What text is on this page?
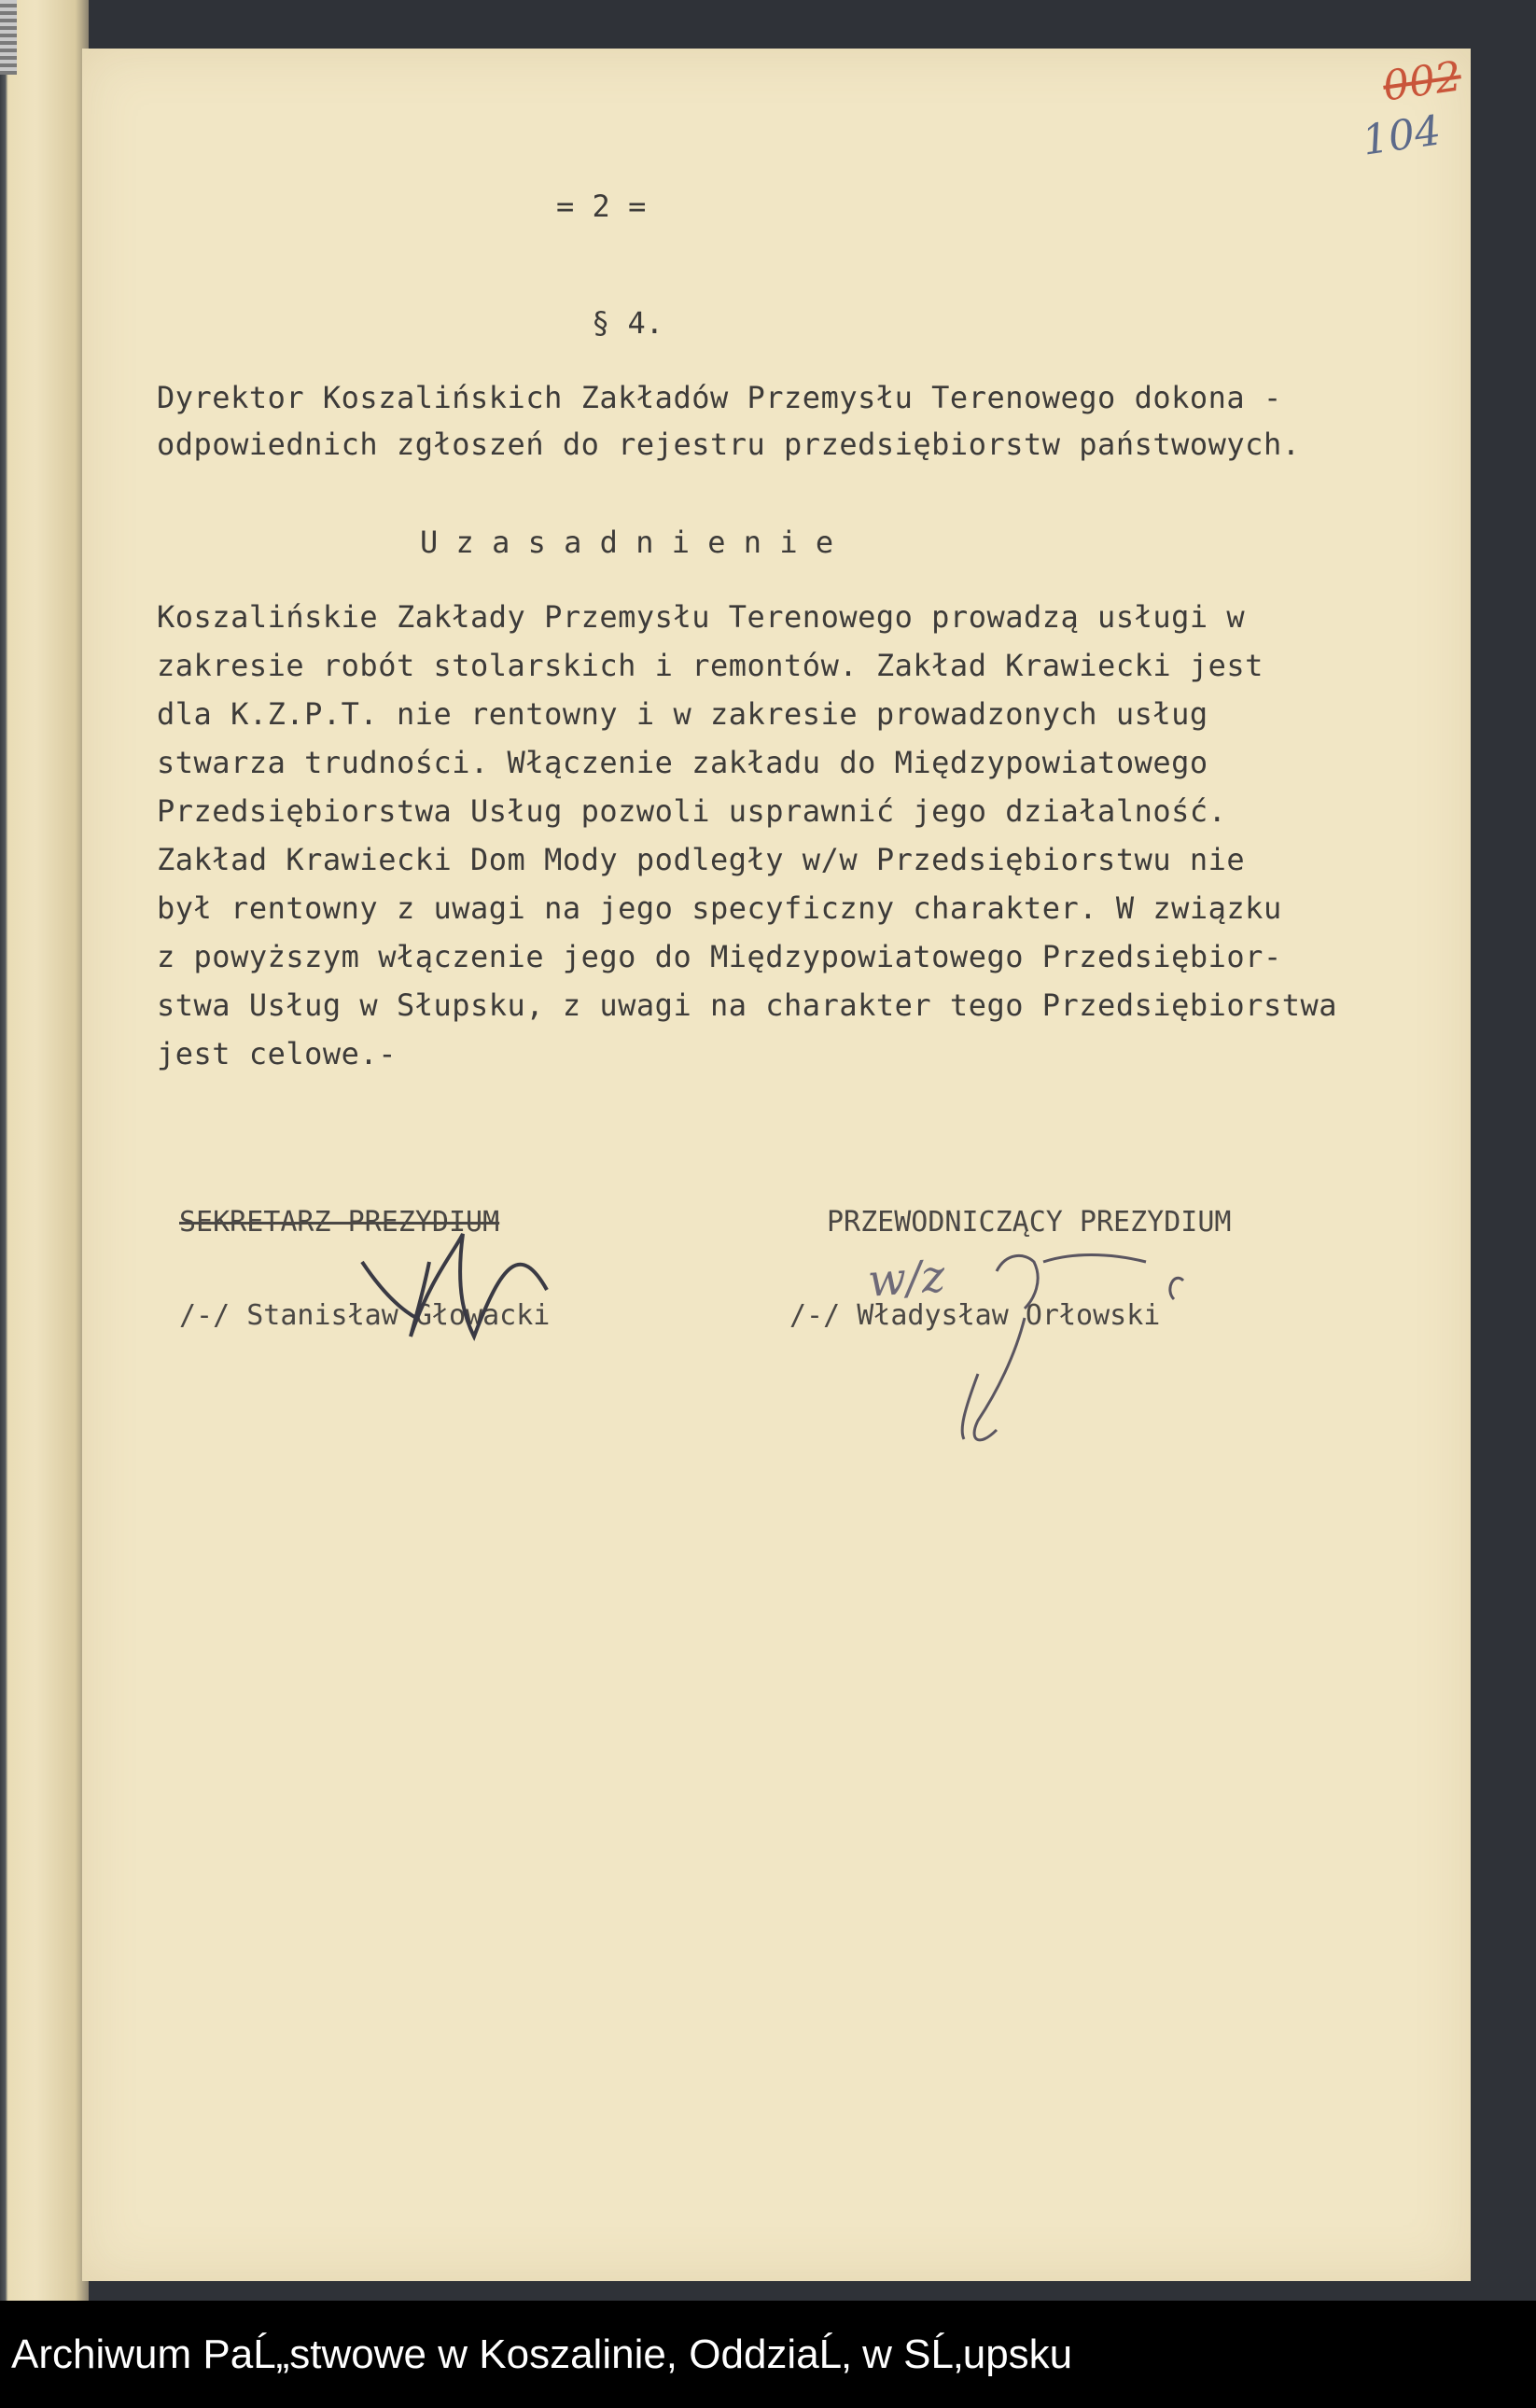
002
104
= 2 =
§ 4.
Dyrektor Koszalińskich Zakładów Przemysłu Terenowego dokona -
odpowiednich zgłoszeń do rejestru przedsiębiorstw państwowych.
U z a s a d n i e n i e
Koszalińskie Zakłady Przemysłu Terenowego prowadzą usługi w
zakresie robót stolarskich i remontów. Zakład Krawiecki jest
dla K.Z.P.T. nie rentowny i w zakresie prowadzonych usług
stwarza trudności. Włączenie zakładu do Międzypowiatowego
Przedsiębiorstwa Usług pozwoli usprawnić jego działalność.
Zakład Krawiecki Dom Mody podległy w/w Przedsiębiorstwu nie
był rentowny z uwagi na jego specyficzny charakter. W związku
z powyższym włączenie jego do Międzypowiatowego Przedsiębior-
stwa Usług w Słupsku, z uwagi na charakter tego Przedsiębiorstwa
jest celowe.-
SEKRETARZ PREZYDIUM
/-/ Stanisław Głowacki
PRZEWODNICZĄCY PREZYDIUM
/-/ Władysław Orłowski
w/z
Archiwum PaĹ„stwowe w Koszalinie, OddziaĹ‚ w SĹ‚upsku
